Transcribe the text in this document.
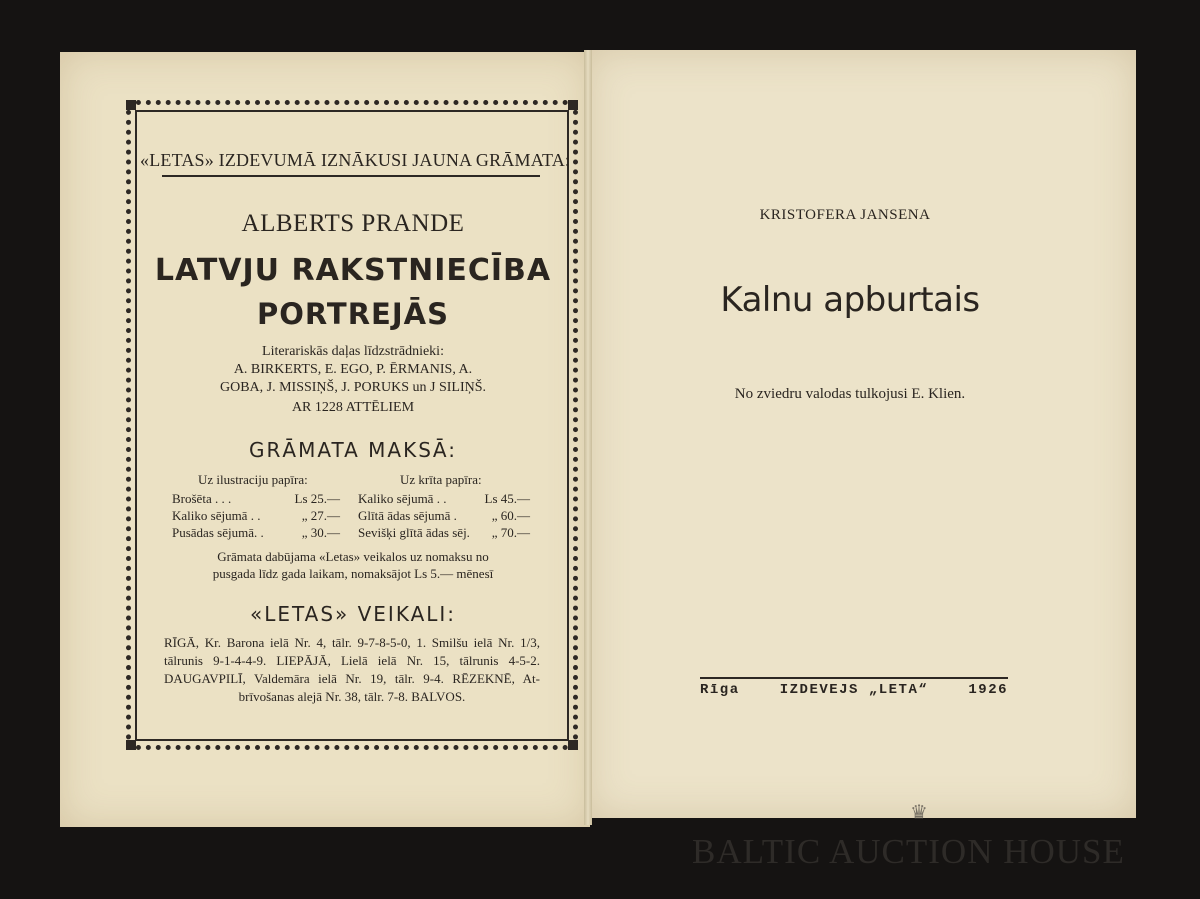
«LETAS» IZDEVUMĀ IZNĀKUSI JAUNA GRĀMATA:
ALBERTS PRANDE
LATVJU RAKSTNIECĪBA
PORTREJĀS
Literariskās daļas līdzstrādnieki:
A. BIRKERTS, E. EGO, P. ĒRMANIS, A.
GOBA, J. MISSIŅŠ, J. PORUKS un J SILIŅŠ.
AR 1228 ATTĒLIEM
GRĀMATA MAKSĀ:
Uz ilustraciju papīra:	Uz krīta papīra:
Brošēta . . .	Ls 25.—
Kaliko sējumā . .	„ 27.—
Pusādas sējumā. .	„ 30.—
Kaliko sējumā . .	Ls 45.—
Glītā ādas sējumā .	„ 60.—
Sevišķi glītā ādas sēj. „ 70.—
Grāmata dabūjama «Letas» veikalos uz nomaksu no
pusgada līdz gada laikam, nomaksājot Ls 5.— mēnesī
«LETAS» VEIKALI:
RĪGĀ, Kr. Barona ielā Nr. 4, tālr. 9-7-8-5-0, 1. Smilšu ielā Nr. 1/3,
tālrunis 9-1-4-4-9. LIEPĀJĀ, Lielā ielā Nr. 15, tālrunis 4-5-2.
DAUGAVPILĪ, Valdemāra ielā Nr. 19, tālr. 9-4. RĒZEKNĒ, At-
brīvošanas alejā Nr. 38, tālr. 7-8. BALVOS.
KRISTOFERA JANSENA
Kalnu apburtais
No zviedru valodas tulkojusi E. Klien.
Rīga	IZDEVEJS „LETA“	1926
♛
BALTIC AUCTION HOUSE
